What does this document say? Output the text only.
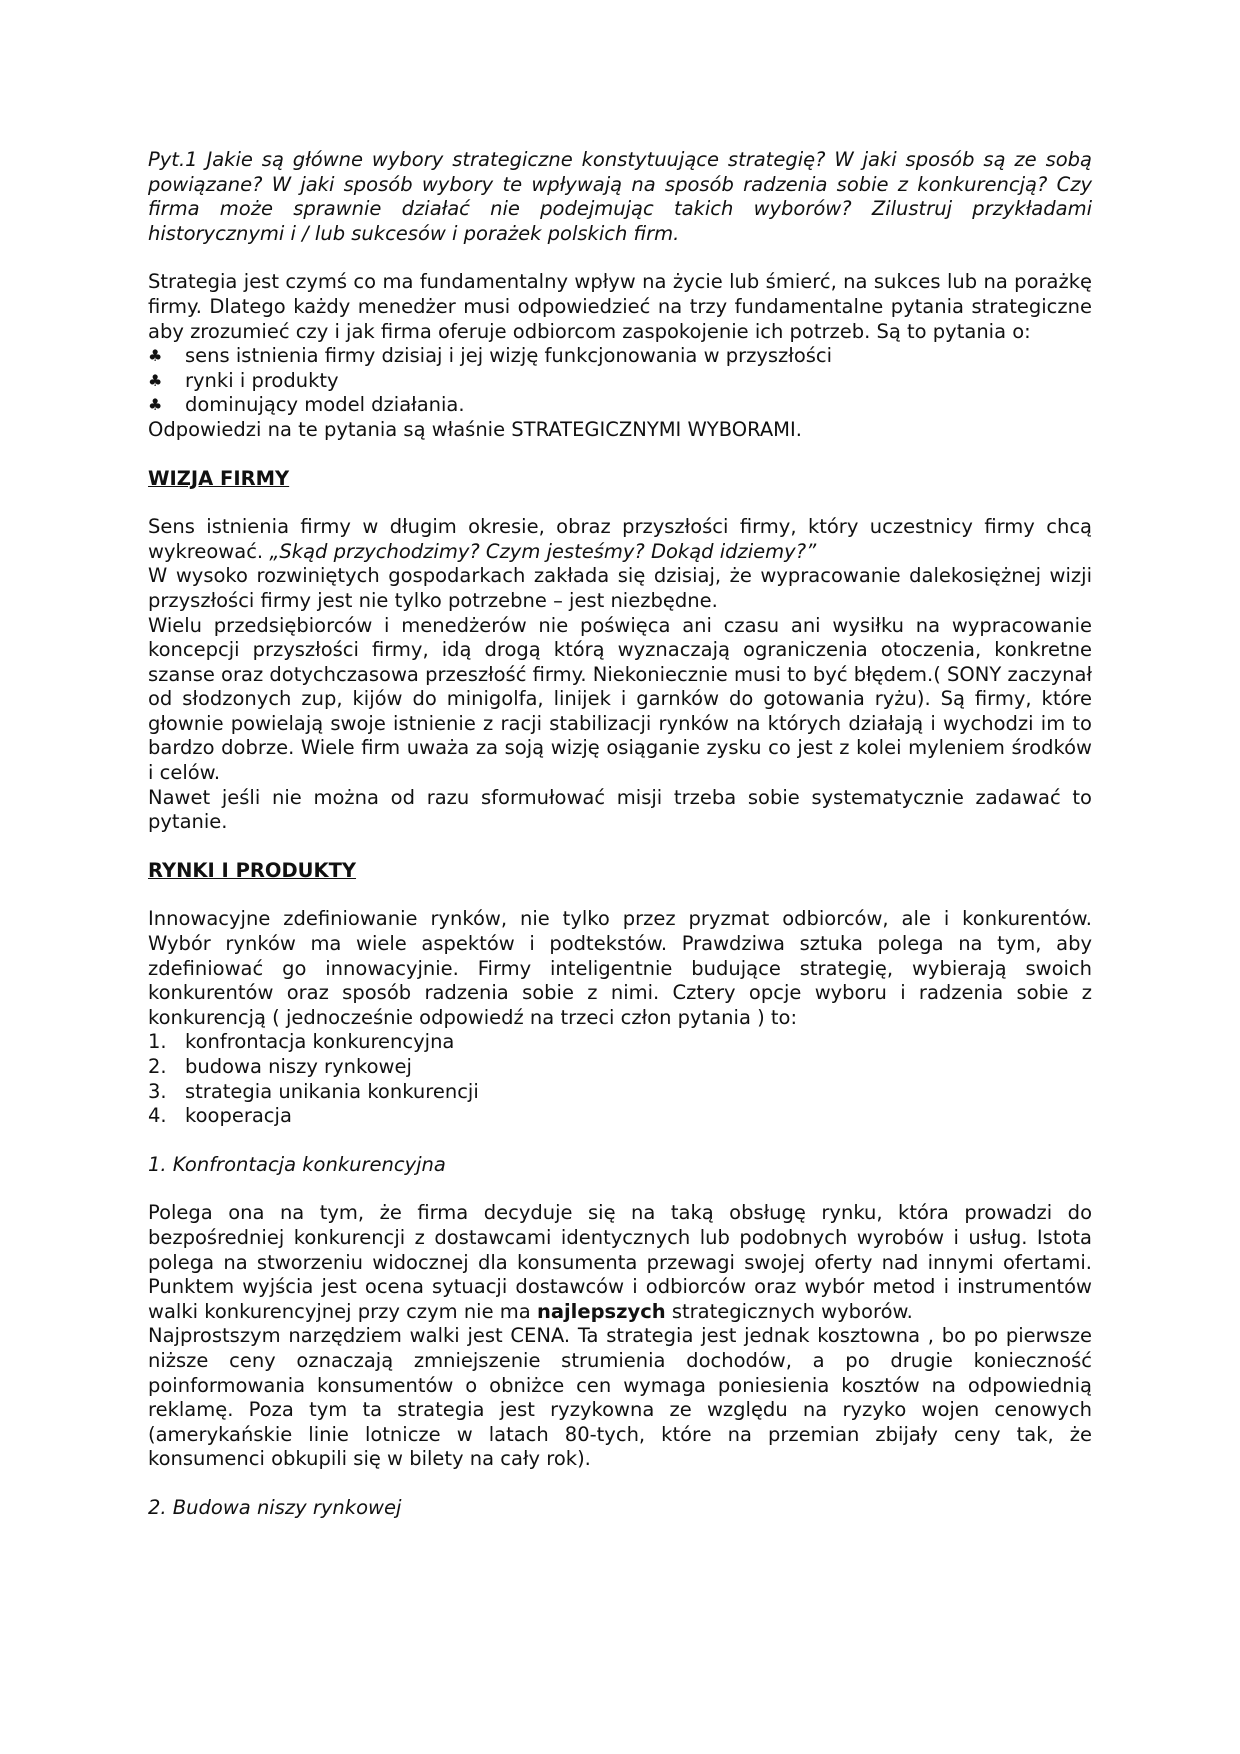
Pyt.1 Jakie są główne wybory strategiczne konstytuujące strategię? W jaki sposób są ze sobą powiązane? W jaki sposób wybory te wpływają na sposób radzenia sobie z konkurencją? Czy firma może sprawnie działać nie podejmując takich wyborów? Zilustruj przykładami historycznymi i / lub sukcesów i porażek polskich firm.

Strategia jest czymś co ma fundamentalny wpływ na życie lub śmierć, na sukces lub na porażkę firmy. Dlatego każdy menedżer musi odpowiedzieć na trzy fundamentalne pytania strategiczne aby zrozumieć czy i jak firma oferuje odbiorcom zaspokojenie ich potrzeb. Są to pytania o:

♣	sens istnienia firmy dzisiaj i jej wizję funkcjonowania w przyszłości
♣	rynki i produkty
♣	dominujący model działania.

Odpowiedzi na te pytania są właśnie STRATEGICZNYMI WYBORAMI.

WIZJA FIRMY

Sens istnienia firmy w długim okresie, obraz przyszłości firmy, który uczestnicy firmy chcą wykreować. „Skąd przychodzimy? Czym jesteśmy? Dokąd idziemy?”

W wysoko rozwiniętych gospodarkach zakłada się dzisiaj, że wypracowanie dalekosiężnej wizji przyszłości firmy jest nie tylko potrzebne – jest niezbędne.

Wielu przedsiębiorców i menedżerów nie poświęca ani czasu ani wysiłku na wypracowanie koncepcji przyszłości firmy, idą drogą którą wyznaczają ograniczenia otoczenia, konkretne szanse oraz dotychczasowa przeszłość firmy. Niekoniecznie musi to być błędem.( SONY zaczynał od słodzonych zup, kijów do minigolfa, linijek i garnków do gotowania ryżu). Są firmy, które głownie powielają swoje istnienie z racji stabilizacji rynków na których działają i wychodzi im to bardzo dobrze. Wiele firm uważa za soją wizję osiąganie zysku co jest z kolei myleniem środków i celów.

Nawet jeśli nie można od razu sformułować misji trzeba sobie systematycznie zadawać to pytanie.

RYNKI I PRODUKTY

Innowacyjne zdefiniowanie rynków, nie tylko przez pryzmat odbiorców, ale i konkurentów. Wybór rynków ma wiele aspektów i podtekstów. Prawdziwa sztuka polega na tym, aby zdefiniować go innowacyjnie. Firmy inteligentnie budujące strategię, wybierają swoich konkurentów oraz sposób radzenia sobie z nimi. Cztery opcje wyboru i radzenia sobie z konkurencją ( jednocześnie odpowiedź na trzeci człon pytania ) to:

1. konfrontacja konkurencyjna
2. budowa niszy rynkowej
3. strategia unikania konkurencji
4. kooperacja

1. Konfrontacja konkurencyjna

Polega ona na tym, że firma decyduje się na taką obsługę rynku, która prowadzi do bezpośredniej konkurencji z dostawcami identycznych lub podobnych wyrobów i usług. Istota polega na stworzeniu widocznej dla konsumenta przewagi swojej oferty nad innymi ofertami. Punktem wyjścia jest ocena sytuacji dostawców i odbiorców oraz wybór metod i instrumentów walki konkurencyjnej przy czym nie ma najlepszych strategicznych wyborów.

Najprostszym narzędziem walki jest CENA. Ta strategia jest jednak kosztowna , bo po pierwsze niższe ceny oznaczają zmniejszenie strumienia dochodów, a po drugie konieczność poinformowania konsumentów o obniżce cen wymaga poniesienia kosztów na odpowiednią reklamę. Poza tym ta strategia jest ryzykowna ze względu na ryzyko wojen cenowych (amerykańskie linie lotnicze w latach 80-tych, które na przemian zbijały ceny tak, że konsumenci obkupili się w bilety na cały rok).

2. Budowa niszy rynkowej
